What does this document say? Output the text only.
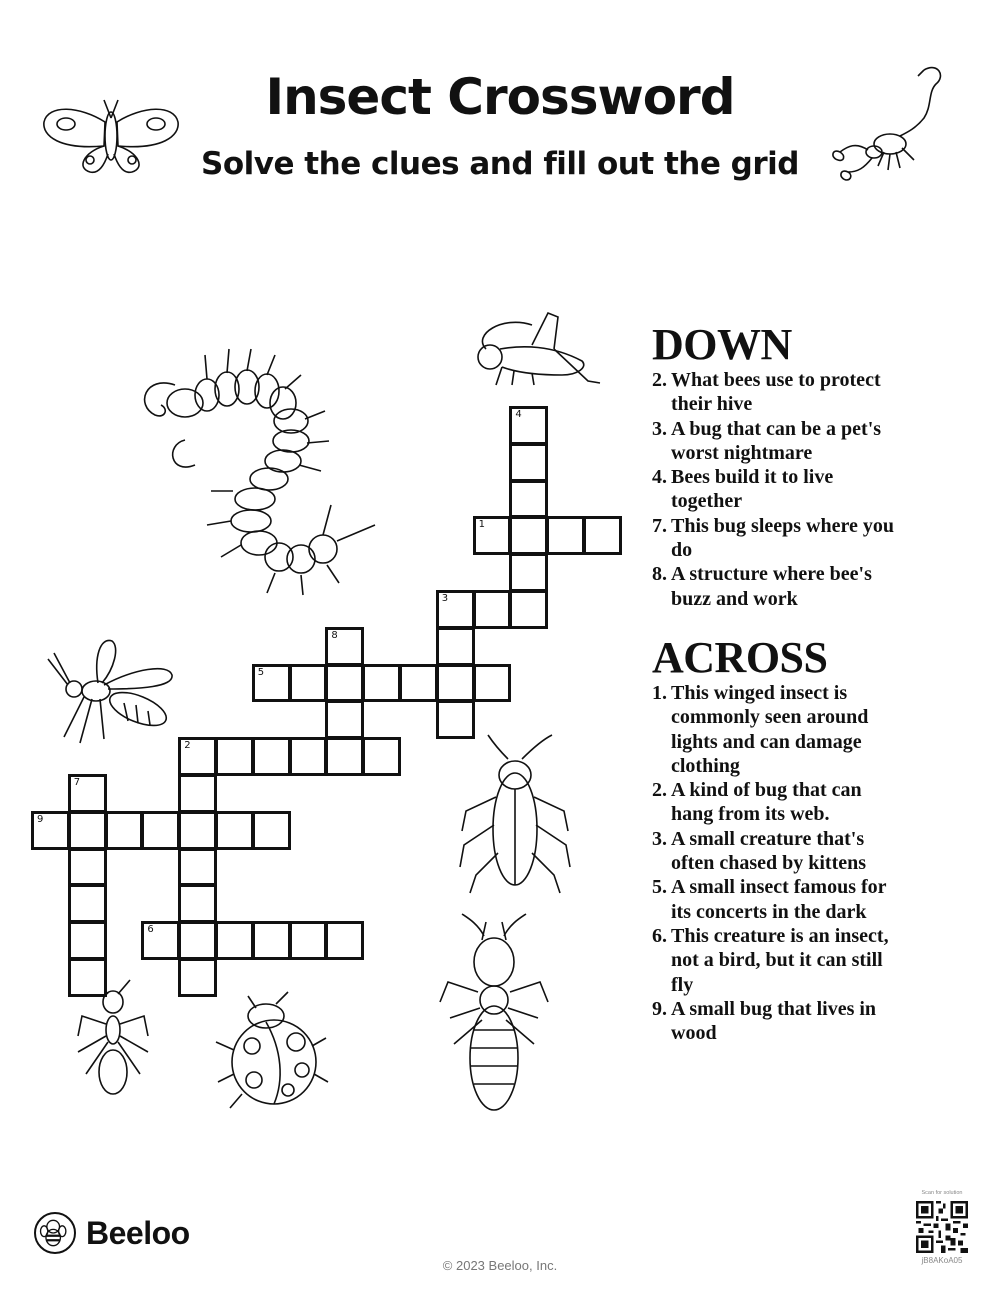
Insect Crossword
Solve the clues and fill out the grid
1
2
3
5
6
9
4
7
8
DOWN
2. What bees use to protect their hive
3. A bug that can be a pet's worst nightmare
4. Bees build it to live together
7. This bug sleeps where you do
8. A structure where bee's buzz and work
ACROSS
1. This winged insect is commonly seen around lights and can damage clothing
2. A kind of bug that can hang from its web.
3. A small creature that's often chased by kittens
5. A small insect famous for its concerts in the dark
6. This creature is an insect, not a bird, but it can still fly
9. A small bug that lives in wood
Beeloo
© 2023 Beeloo, Inc.
Scan for solution
jB8AKoA05
